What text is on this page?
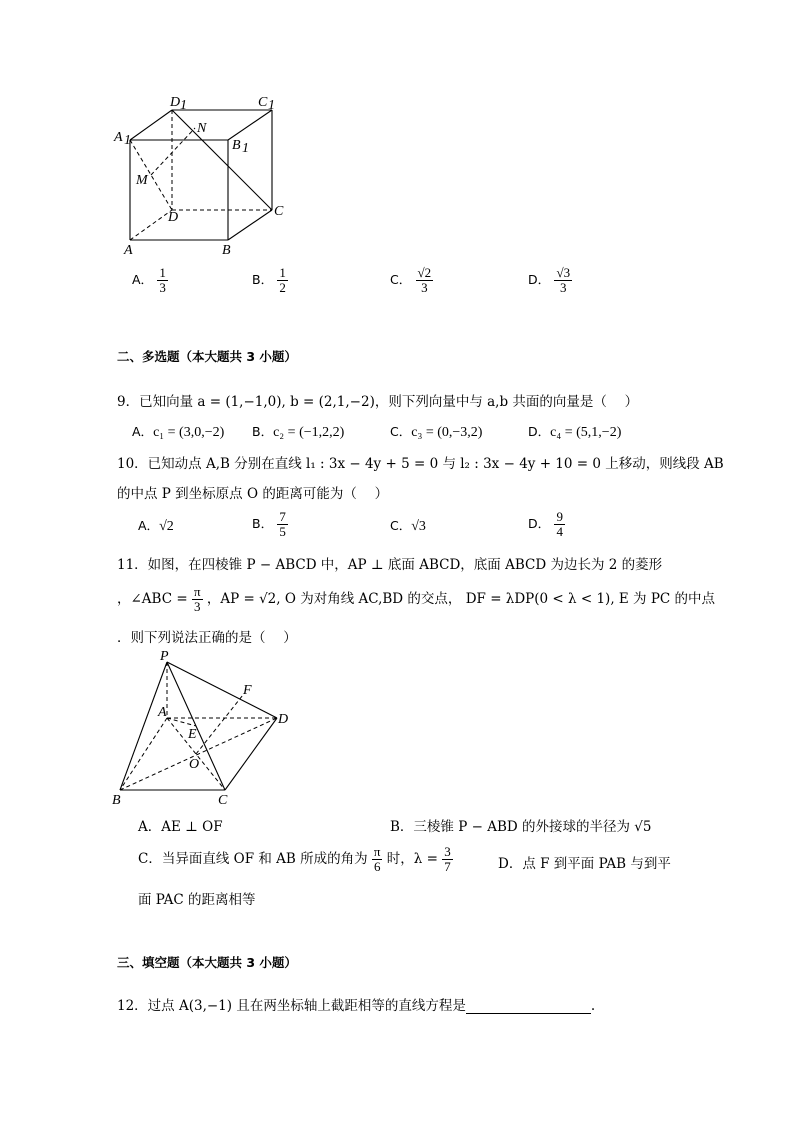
D 1	C 1
A 1	B 1
N
M
D	C
A	B
A． $\frac{1}{3}$	B． $\frac{1}{2}$	C． $\frac{√2}{3}$	D． $\frac{√3}{3}$
二、多选题（本大题共 3 小题）
9．已知向量 a = (1,−1,0), b = (2,1,−2)，则下列向量中与 a,b 共面的向量是（　 ）
A．c₁ = (3,0,−2) B．c₂ = (−1,2,2)	C．c₃ = (0,−3,2)	D．c₄ = (5,1,−2)
10．已知动点 A,B 分别在直线 l₁ : 3x − 4y + 5 = 0 与 l₂ : 3x − 4y + 10 = 0 上移动，则线段 AB
的中点 P 到坐标原点 O 的距离可能为（　 ）
A．√2	B． $\frac{7}{5}$	C．√3	D． $\frac{9}{4}$
11．如图，在四棱锥 P − ABCD 中，AP ⊥ 底面 ABCD，底面 ABCD 为边长为 2 的菱形
，∠ABC = $\frac{\pi}{3}$ ，AP = √2, O 为对角线 AC,BD 的交点， DF = λDP(0 < λ < 1), E 为 PC 的中点
．则下列说法正确的是（　 ）
P
F
A	D
E
O
B	C
A．AE ⊥ OF	B．三棱锥 P − ABD 的外接球的半径为 √5
C．当异面直线 OF 和 AB 所成的角为 $\frac{\pi}{6}$ 时，$\lambda = \frac{3}{7}$	D．点 F 到平面 PAB 与到平
面 PAC 的距离相等
三、填空题（本大题共 3 小题）
12．过点 A(3,−1) 且在两坐标轴上截距相等的直线方程是	.
